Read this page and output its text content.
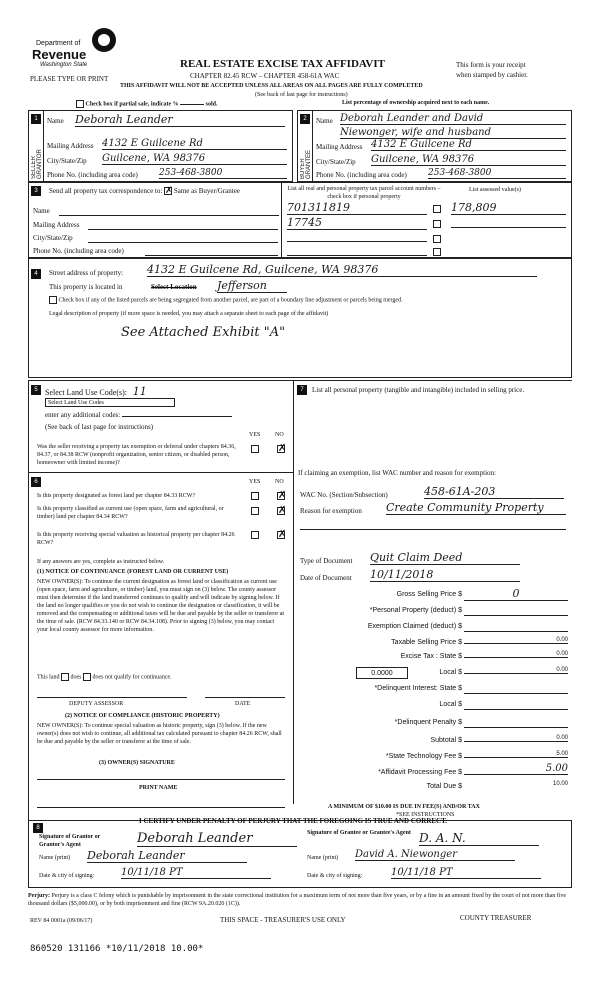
Department of
Revenue
Washington State
PLEASE TYPE OR PRINT
REAL ESTATE EXCISE TAX AFFIDAVIT
CHAPTER 82.45 RCW – CHAPTER 458-61A WAC
THIS AFFIDAVIT WILL NOT BE ACCEPTED UNLESS ALL AREAS ON ALL PAGES ARE FULLY COMPLETED
This form is your receipt
when stamped by cashier.
(See back of last page for instructions)
Check box if partial sale, indicate %	sold.	List percentage of ownership acquired next to each name.
1
SELLER GRANTOR
Name Deborah Leander
Mailing Address 4132 E Guilcene Rd
City/State/Zip Guilcene, WA 98376
Phone No. (including area code) 253-468-3800
2
BUYER GRANTEE
Name Deborah Leander and David
Niewonger, wife and husband
Mailing Address 4132 E Guilcene Rd
City/State/Zip Guilcene, WA 98376
Phone No. (including area code) 253-468-3800
3	Send all property tax correspondence to: ✗ Same as Buyer/Grantee
Name
Mailing Address
City/State/Zip
Phone No. (including area code)
List all real and personal property tax parcel account numbers – check box if personal property
List assessed value(s)
701311819	178,809
17745
4	Street address of property: 4132 E Guilcene Rd, Guilcene, WA 98376
This property is located in	Select Location Jefferson
Check box if any of the listed parcels are being segregated from another parcel, are part of a boundary line adjustment or parcels being merged.
Legal description of property (if more space is needed, you may attach a separate sheet to each page of the affidavit)
See Attached Exhibit "A"
5 Select Land Use Code(s): 11
Select Land Use Codes
enter any additional codes:
(See back of last page for instructions)
YES NO
Was the seller receiving a property tax exemption or deferral under chapters 84.36, 84.37, or 84.38 RCW (nonprofit organization, senior citizen, or disabled person, homeowner with limited income)?
✗
7	List all personal property (tangible and intangible) included in selling price.
If claiming an exemption, list WAC number and reason for exemption:
WAC No. (Section/Subsection)	458-61A-203
Reason for exemption Create Community Property
Type of Document Quit Claim Deed
Date of Document 10/11/2018
Gross Selling Price $	0
*Personal Property (deduct) $
Exemption Claimed (deduct) $
Taxable Selling Price $	0.00
Excise Tax : State $	0.00
0.0000	Local $	0.00
*Delinquent Interest: State $
Local $
*Delinquent Penalty $
Subtotal $	0.00
*State Technology Fee $	5.00
*Affidavit Processing Fee $	5.00
Total Due $	10.00
A MINIMUM OF $10.00 IS DUE IN FEE(S) AND/OR TAX
*SEE INSTRUCTIONS
6	YES NO
Is this property designated as forest land per chapter 84.33 RCW?	✗
Is this property classified as current use (open space, farm and agricultural, or timber) land per chapter 84.34 RCW?
✗
Is this property receiving special valuation as historical property per chapter 84.26 RCW?
✗
If any answers are yes, complete as instructed below.
(1) NOTICE OF CONTINUANCE (FOREST LAND OR CURRENT USE)
NEW OWNER(S): To continue the current designation as forest land or classification as current use (open space, farm and agriculture, or timber) land, you must sign on (3) below. The county assessor must then determine if the land transferred continues to qualify and will indicate by signing below. If the land no longer qualifies or you do not wish to continue the designation or classification, it will be removed and the compensating or additional taxes will be due and payable by the seller or transferor at the time of sale. (RCW 84.33.140 or RCW 84.34.108). Prior to signing (3) below, you may contact your local county assessor for more information.
This land does does not qualify for continuance.
DEPUTY ASSESSOR	DATE
(2) NOTICE OF COMPLIANCE (HISTORIC PROPERTY)
NEW OWNER(S): To continue special valuation as historic property, sign (3) below. If the new owner(s) does not wish to continue, all additional tax calculated pursuant to chapter 84.26 RCW, shall be due and payable by the seller or transferor at the time of sale.
(3) OWNER(S) SIGNATURE
PRINT NAME
8
I CERTIFY UNDER PENALTY OF PERJURY THAT THE FOREGOING IS TRUE AND CORRECT.
Signature of Grantor or Grantor's Agent	Deborah Leander
Name (print) Deborah Leander
Date & city of signing:	10/11/18 PT
Signature of Grantee or Grantee's Agent D. A. N.
Name (print) David A. Niewonger
Date & city of signing:	10/11/18 PT
Perjury: Perjury is a class C felony which is punishable by imprisonment in the state correctional institution for a maximum term of not more than five years, or by a fine in an amount fixed by the court of not more than five thousand dollars ($5,000.00), or by both imprisonment and fine (RCW 9A.20.020 (1C)).
REV 84 0001a (09/06/17)	THIS SPACE - TREASURER'S USE ONLY	COUNTY TREASURER
860520 131166 *10/11/2018 10.00*
